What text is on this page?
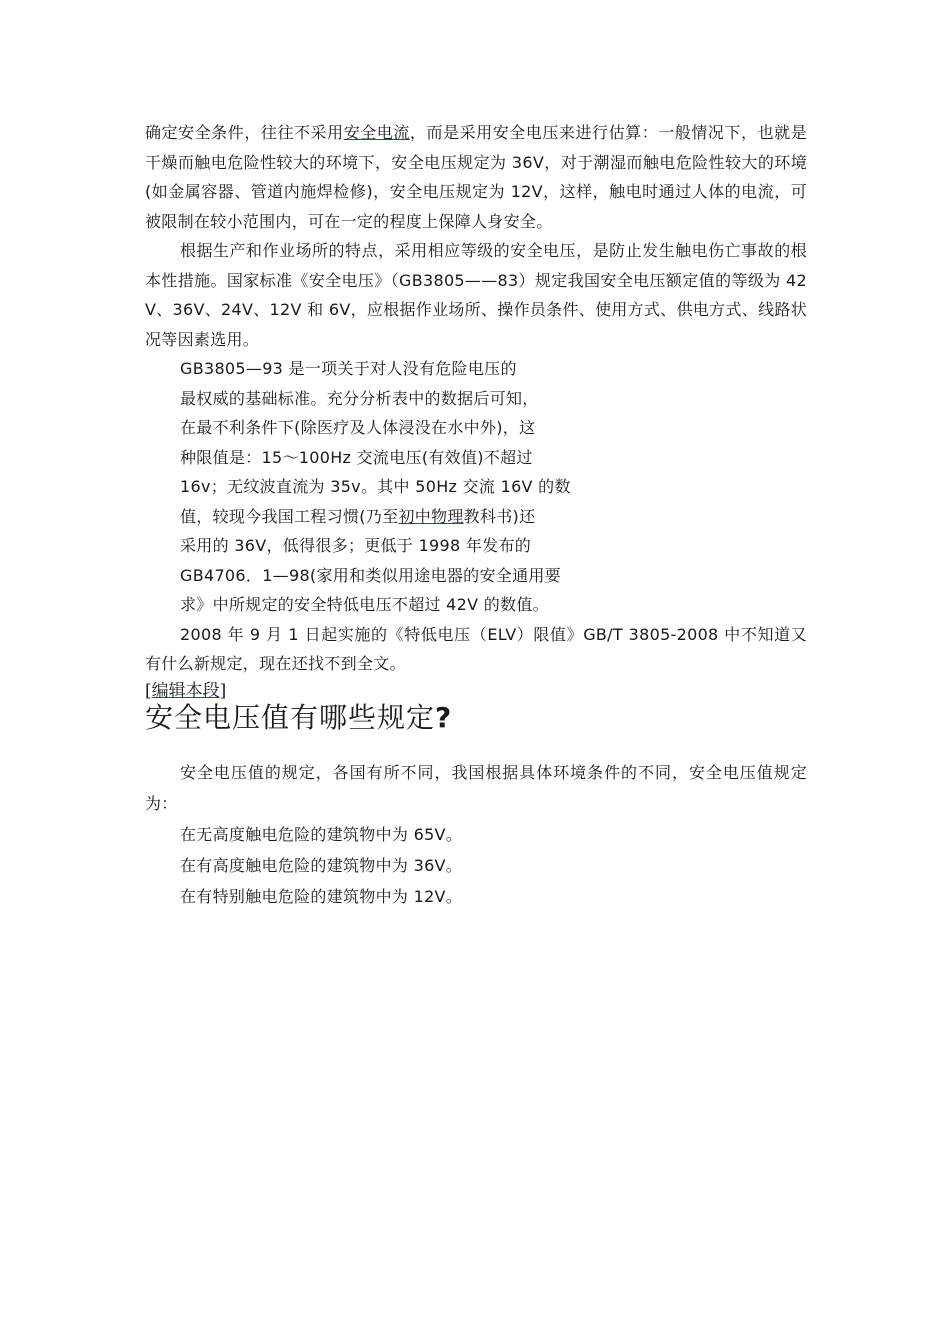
确定安全条件，往往不采用安全电流，而是采用安全电压来进行估算：一般情况下，也就是干燥而触电危险性较大的环境下，安全电压规定为 36V，对于潮湿而触电危险性较大的环境(如金属容器、管道内施焊检修)，安全电压规定为 12V，这样，触电时通过人体的电流，可被限制在较小范围内，可在一定的程度上保障人身安全。

根据生产和作业场所的特点，采用相应等级的安全电压，是防止发生触电伤亡事故的根本性措施。国家标准《安全电压》（GB3805——83）规定我国安全电压额定值的等级为 42V、36V、24V、12V 和 6V，应根据作业场所、操作员条件、使用方式、供电方式、线路状况等因素选用。

GB3805—93 是一项关于对人没有危险电压的
最权威的基础标准。充分分析表中的数据后可知，
在最不利条件下(除医疗及人体浸没在水中外)，这
种限值是：15～100Hz 交流电压(有效值)不超过
16v；无纹波直流为 35v。其中 50Hz 交流 16V 的数
值，较现今我国工程习惯(乃至初中物理教科书)还
采用的 36V，低得很多；更低于 1998 年发布的
GB4706．1—98(家用和类似用途电器的安全通用要
求》中所规定的安全特低电压不超过 42V 的数值。

2008 年 9 月 1 日起实施的《特低电压（ELV）限值》GB/T 3805-2008 中不知道又有什么新规定，现在还找不到全文。

[编辑本段]
安全电压值有哪些规定?

安全电压值的规定，各国有所不同，我国根据具体环境条件的不同，安全电压值规定为：

在无高度触电危险的建筑物中为 65V。

在有高度触电危险的建筑物中为 36V。

在有特别触电危险的建筑物中为 12V。
